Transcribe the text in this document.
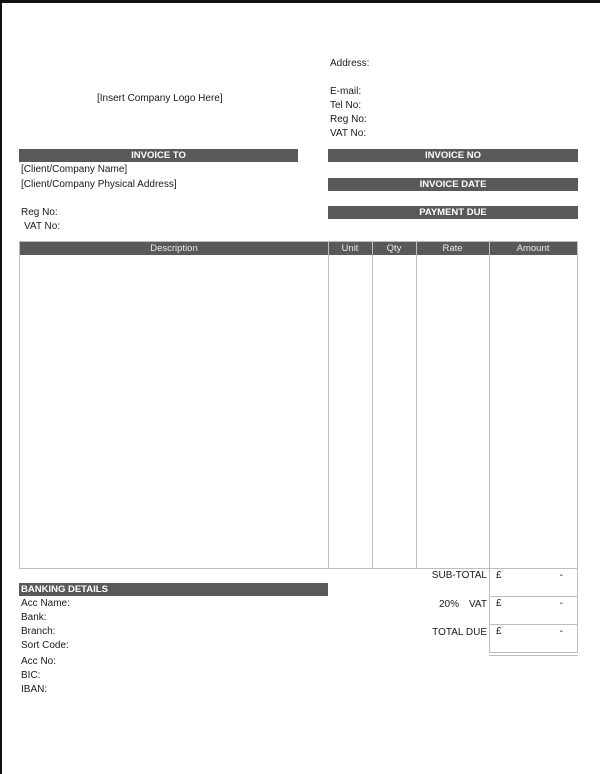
[Insert Company Logo Here]
Address:
E-mail:
Tel No:
Reg No:
VAT No:
INVOICE TO
[Client/Company Name]
[Client/Company Physical Address]
Reg No:
VAT No:
INVOICE NO
INVOICE DATE
PAYMENT DUE
Description	Unit	Qty	Rate	Amount
SUB-TOTAL £	-
20% VAT £	-
TOTAL DUE £	-
BANKING DETAILS
Acc Name:
Bank:
Branch:
Sort Code:
Acc No:
BIC:
IBAN:
